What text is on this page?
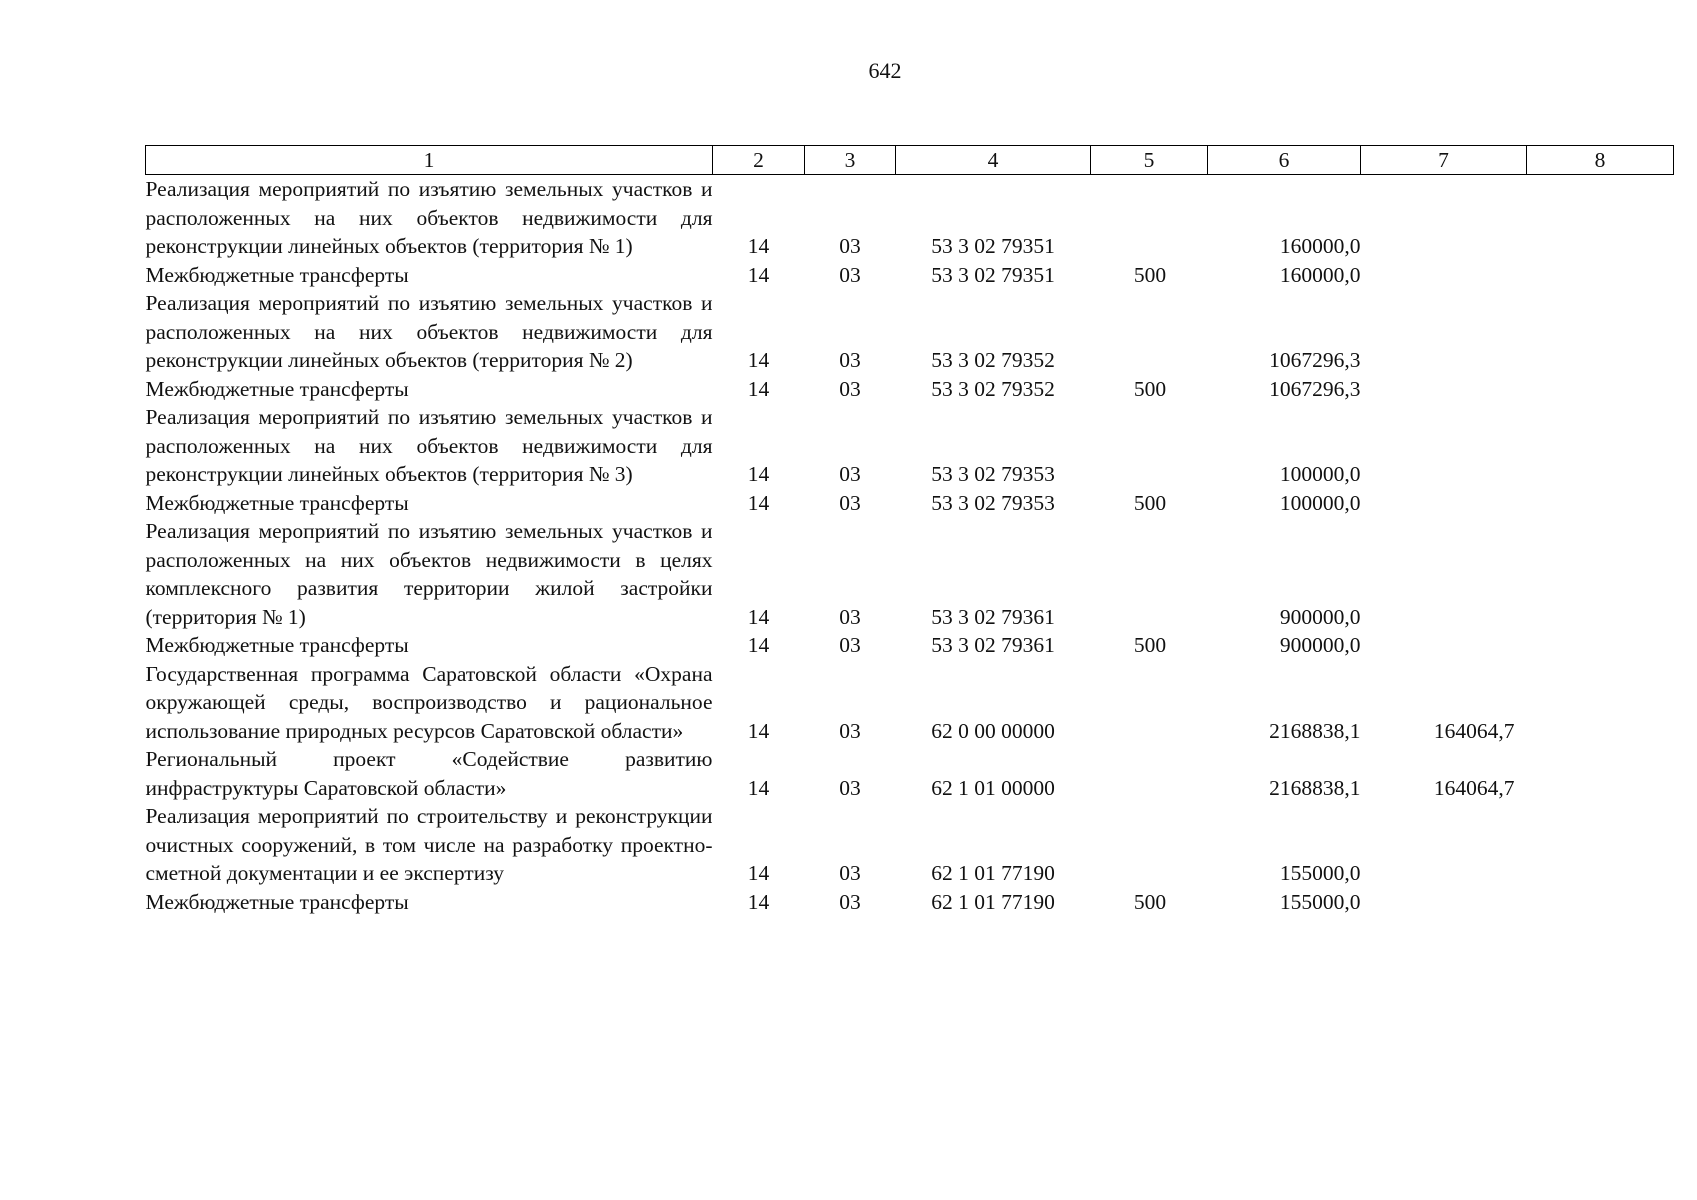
642
1	2	3	4	5	6	7	8
Реализация мероприятий по изъятию земельных участков и расположенных на них объектов недвижимости для реконструкции линейных объектов (территория № 1)	14	03	53 3 02 79351		160000,0		
Межбюджетные трансферты	14	03	53 3 02 79351	500	160000,0		
Реализация мероприятий по изъятию земельных участков и расположенных на них объектов недвижимости для реконструкции линейных объектов (территория № 2)	14	03	53 3 02 79352		1067296,3		
Межбюджетные трансферты	14	03	53 3 02 79352	500	1067296,3		
Реализация мероприятий по изъятию земельных участков и расположенных на них объектов недвижимости для реконструкции линейных объектов (территория № 3)	14	03	53 3 02 79353		100000,0		
Межбюджетные трансферты	14	03	53 3 02 79353	500	100000,0		
Реализация мероприятий по изъятию земельных участков и расположенных на них объектов недвижимости в целях комплексного развития территории жилой застройки (территория № 1)	14	03	53 3 02 79361		900000,0		
Межбюджетные трансферты	14	03	53 3 02 79361	500	900000,0		
Государственная программа Саратовской области «Охрана окружающей среды, воспроизводство и рациональное использование природных ресурсов Саратовской области»	14	03	62 0 00 00000		2168838,1	164064,7	
Региональный проект «Содействие развитию инфраструктуры Саратовской области»	14	03	62 1 01 00000		2168838,1	164064,7	
Реализация мероприятий по строительству и реконструкции очистных сооружений, в том числе на разработку проектно-сметной документации и ее экспертизу	14	03	62 1 01 77190		155000,0		
Межбюджетные трансферты	14	03	62 1 01 77190	500	155000,0		
